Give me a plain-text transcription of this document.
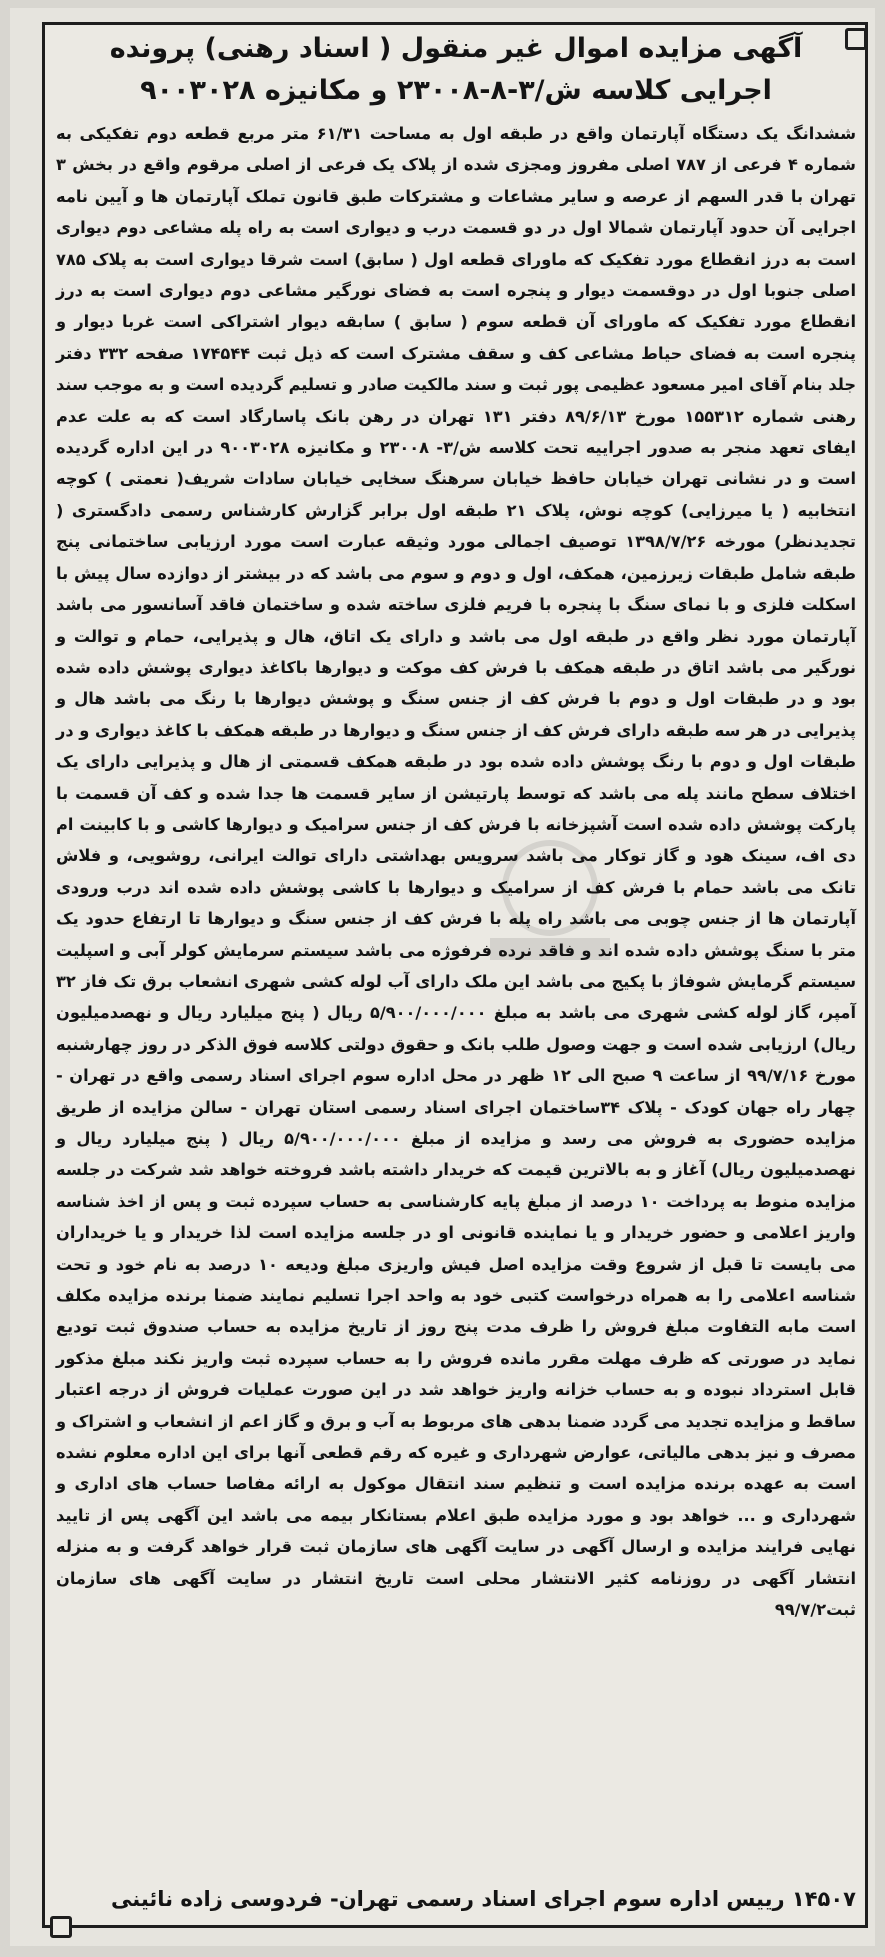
آگهی مزایده اموال غیر منقول ( اسناد رهنی) پرونده اجرایی کلاسه ش/۳-۸-۲۳۰۰۸ و مکانیزه ۹۰۰۳۰۲۸

ششدانگ یک دستگاه آپارتمان واقع در طبقه اول به مساحت ۶۱/۳۱ متر مربع قطعه دوم تفکیکی به شماره ۴ فرعی از ۷۸۷ اصلی مفروز ومجزی شده از پلاک یک فرعی از اصلی مرقوم واقع در بخش ۳ تهران با قدر السهم از عرصه و سایر مشاعات و مشترکات طبق قانون تملک آپارتمان ها و آیین نامه اجرایی آن حدود آپارتمان شمالا اول در دو قسمت درب و دیواری است به راه پله مشاعی دوم دیواری است به درز انقطاع مورد تفکیک که ماورای قطعه اول ( سابق) است شرقا دیواری است به پلاک ۷۸۵ اصلی جنوبا اول در دوقسمت دیوار و پنجره است به فضای نورگیر مشاعی دوم دیواری است به درز انقطاع مورد تفکیک که ماورای آن قطعه سوم ( سابق ) سابقه دیوار اشتراکی است غربا دیوار و پنجره است به فضای حیاط مشاعی کف و سقف مشترک است که ذیل ثبت ۱۷۴۵۴۴ صفحه ۳۳۲ دفتر جلد بنام آقای امیر مسعود عظیمی پور ثبت و سند مالکیت صادر و تسلیم گردیده است و به موجب سند رهنی شماره ۱۵۵۳۱۲ مورخ ۸۹/۶/۱۳ دفتر ۱۳۱ تهران در رهن بانک پاسارگاد است که به علت عدم ایفای تعهد منجر به صدور اجراییه تحت کلاسه ش/۳- ۲۳۰۰۸ و مکانیزه ۹۰۰۳۰۲۸ در این اداره گردیده است و در نشانی تهران خیابان حافظ خیابان سرهنگ سخایی خیابان سادات شریف( نعمتی ) کوچه انتخابیه ( یا میرزایی) کوچه نوش، پلاک ۲۱ طبقه اول برابر گزارش کارشناس رسمی دادگستری ( تجدیدنظر) مورخه ۱۳۹۸/۷/۲۶ توصیف اجمالی مورد وثیقه عبارت است مورد ارزیابی ساختمانی پنج طبقه شامل طبقات زیرزمین، همکف، اول و دوم و سوم می باشد که در بیشتر از دوازده سال پیش با اسکلت فلزی و با نمای سنگ با پنجره با فریم فلزی ساخته شده و ساختمان فاقد آسانسور می باشد آپارتمان مورد نظر واقع در طبقه اول می باشد و دارای یک اتاق، هال و پذیرایی، حمام و توالت و نورگیر می باشد اتاق در طبقه همکف با فرش کف موکت و دیوارها باکاغذ دیواری پوشش داده شده بود و در طبقات اول و دوم با فرش کف از جنس سنگ و پوشش دیوارها با رنگ می باشد هال و پذیرایی در هر سه طبقه دارای فرش کف از جنس سنگ و دیوارها در طبقه همکف با کاغذ دیواری و در طبقات اول و دوم با رنگ پوشش داده شده بود در طبقه همکف قسمتی از هال و پذیرایی دارای یک اختلاف سطح مانند پله می باشد که توسط پارتیشن از سایر قسمت ها جدا شده و کف آن قسمت با پارکت پوشش داده شده است آشپزخانه با فرش کف از جنس سرامیک و دیوارها کاشی و با کابینت ام دی اف، سینک هود و گاز توکار می باشد سرویس بهداشتی دارای توالت ایرانی، روشویی، و فلاش تانک می باشد حمام با فرش کف از سرامیک و دیوارها با کاشی پوشش داده شده اند درب ورودی آپارتمان ها از جنس چوبی می باشد راه پله با فرش کف از جنس سنگ و دیوارها تا ارتفاع حدود یک متر با سنگ پوشش داده شده اند و فاقد نرده فرفوژه می باشد سیستم سرمایش کولر آبی و اسپلیت سیستم گرمایش شوفاژ با پکیج می باشد این ملک دارای آب لوله کشی شهری انشعاب برق تک فاز ۳۲ آمپر، گاز لوله کشی شهری می باشد به مبلغ ۵/۹۰۰/۰۰۰/۰۰۰ ریال ( پنج میلیارد ریال و نهصدمیلیون ریال) ارزیابی شده است و جهت وصول طلب بانک و حقوق دولتی کلاسه فوق الذکر در روز چهارشنبه مورخ ۹۹/۷/۱۶ از ساعت ۹ صبح الی ۱۲ ظهر در محل اداره سوم اجرای اسناد رسمی واقع در تهران - چهار راه جهان کودک - پلاک ۳۴ساختمان اجرای اسناد رسمی استان تهران - سالن مزایده از طریق مزایده حضوری به فروش می رسد و مزایده از مبلغ ۵/۹۰۰/۰۰۰/۰۰۰ ریال ( پنج میلیارد ریال و نهصدمیلیون ریال) آغاز و به بالاترین قیمت که خریدار داشته باشد فروخته خواهد شد شرکت در جلسه مزایده منوط به پرداخت ۱۰ درصد از مبلغ پایه کارشناسی به حساب سپرده ثبت و پس از اخذ شناسه واریز اعلامی و حضور خریدار و یا نماینده قانونی او در جلسه مزایده است لذا خریدار و یا خریداران می بایست تا قبل از شروع وقت مزایده اصل فیش واریزی مبلغ ودیعه ۱۰ درصد به نام خود و تحت شناسه اعلامی را به همراه درخواست کتبی خود به واحد اجرا تسلیم نمایند ضمنا برنده مزایده مکلف است مابه التفاوت مبلغ فروش را ظرف مدت پنج روز از تاریخ مزایده به حساب صندوق ثبت تودیع نماید در صورتی که ظرف مهلت مقرر مانده فروش را به حساب سپرده ثبت واریز نکند مبلغ مذکور قابل استرداد نبوده و به حساب خزانه واریز خواهد شد در این صورت عملیات فروش از درجه اعتبار ساقط و مزایده تجدید می گردد ضمنا بدهی های مربوط به آب و برق و گاز اعم از انشعاب و اشتراک و مصرف و نیز بدهی مالیاتی، عوارض شهرداری و غیره که رقم قطعی آنها برای این اداره معلوم نشده است به عهده برنده مزایده است و تنظیم سند انتقال موکول به ارائه مفاصا حساب های اداری و شهرداری و ... خواهد بود و مورد مزایده طبق اعلام بستانکار بیمه می باشد این آگهی پس از تایید نهایی فرایند مزایده و ارسال آگهی در سایت آگهی های سازمان ثبت قرار خواهد گرفت و به منزله انتشار آگهی در روزنامه کثیر الانتشار محلی است تاریخ انتشار در سایت آگهی های سازمان ثبت۹۹/۷/۲

۱۴۵۰۷ رییس اداره سوم اجرای اسناد رسمی تهران- فردوسی زاده نائینی
